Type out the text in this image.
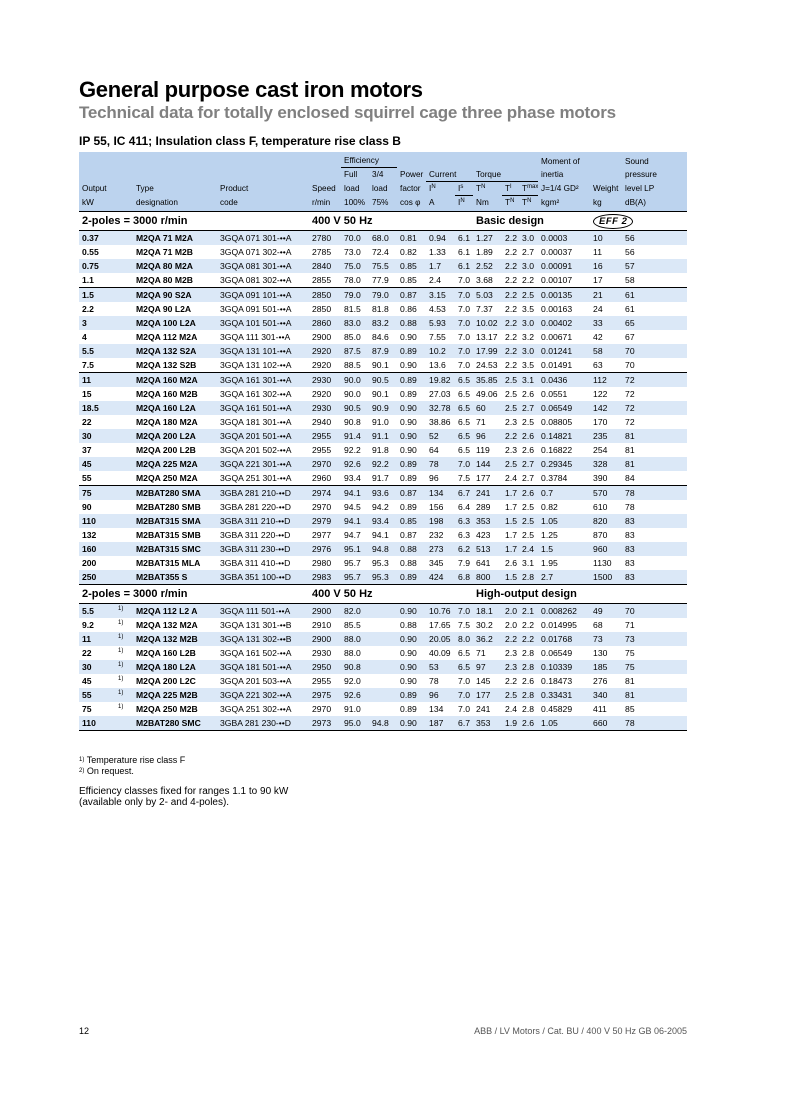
General purpose cast iron motors
Technical data for totally enclosed squirrel cage three phase motors
IP 55, IC 411; Insulation class F, temperature rise class B
					Efficiency								Moment of		Sound
					Full	3/4	Power	Current		Torque			inertia		pressure
Output		Type	Product	Speed	load	load	factor	$I^N$	$I^s$	$T^N$	$T^l$	$T^{max}$	J=1/4 GD²	Weight	level LP
kW		designation	code	r/min	100%	75%	cos φ	A	$I^N$	Nm	$T^N$	$T^N$	kgm²	kg	dB(A)
2-poles = 3000 r/min				400 V 50 Hz						Basic design				EFF 2	
0.37		M2QA 71 M2A	3GQA 071 301-••A	2780	70.0	68.0	0.81	0.94	6.1	1.27	2.2	3.0	0.0003	10	56
0.55		M2QA 71 M2B	3GQA 071 302-••A	2785	73.0	72.4	0.82	1.33	6.1	1.89	2.2	2.7	0.00037	11	56
0.75		M2QA 80 M2A	3GQA 081 301-••A	2840	75.0	75.5	0.85	1.7	6.1	2.52	2.2	3.0	0.00091	16	57
1.1		M2QA 80 M2B	3GQA 081 302-••A	2855	78.0	77.9	0.85	2.4	7.0	3.68	2.2	2.2	0.00107	17	58
1.5		M2QA 90 S2A	3GQA 091 101-••A	2850	79.0	79.0	0.87	3.15	7.0	5.03	2.2	2.5	0.00135	21	61
2.2		M2QA 90 L2A	3GQA 091 501-••A	2850	81.5	81.8	0.86	4.53	7.0	7.37	2.2	3.5	0.00163	24	61
3		M2QA 100 L2A	3GQA 101 501-••A	2860	83.0	83.2	0.88	5.93	7.0	10.02	2.2	3.0	0.00402	33	65
4		M2QA 112 M2A	3GQA 111 301-••A	2900	85.0	84.6	0.90	7.55	7.0	13.17	2.2	3.2	0.00671	42	67
5.5		M2QA 132 S2A	3GQA 131 101-••A	2920	87.5	87.9	0.89	10.2	7.0	17.99	2.2	3.0	0.01241	58	70
7.5		M2QA 132 S2B	3GQA 131 102-••A	2920	88.5	90.1	0.90	13.6	7.0	24.53	2.2	3.5	0.01491	63	70
11		M2QA 160 M2A	3GQA 161 301-••A	2930	90.0	90.5	0.89	19.82	6.5	35.85	2.5	3.1	0.0436	112	72
15		M2QA 160 M2B	3GQA 161 302-••A	2920	90.0	90.1	0.89	27.03	6.5	49.06	2.5	2.6	0.0551	122	72
18.5		M2QA 160 L2A	3GQA 161 501-••A	2930	90.5	90.9	0.90	32.78	6.5	60	2.5	2.7	0.06549	142	72
22		M2QA 180 M2A	3GQA 181 301-••A	2940	90.8	91.0	0.90	38.86	6.5	71	2.3	2.5	0.08805	170	72
30		M2QA 200 L2A	3GQA 201 501-••A	2955	91.4	91.1	0.90	52	6.5	96	2.2	2.6	0.14821	235	81
37		M2QA 200 L2B	3GQA 201 502-••A	2955	92.2	91.8	0.90	64	6.5	119	2.3	2.6	0.16822	254	81
45		M2QA 225 M2A	3GQA 221 301-••A	2970	92.6	92.2	0.89	78	7.0	144	2.5	2.7	0.29345	328	81
55		M2QA 250 M2A	3GQA 251 301-••A	2960	93.4	91.7	0.89	96	7.5	177	2.4	2.7	0.3784	390	84
75		M2BAT280 SMA	3GBA 281 210-••D	2974	94.1	93.6	0.87	134	6.7	241	1.7	2.6	0.7	570	78
90		M2BAT280 SMB	3GBA 281 220-••D	2970	94.5	94.2	0.89	156	6.4	289	1.7	2.5	0.82	610	78
110		M2BAT315 SMA	3GBA 311 210-••D	2979	94.1	93.4	0.85	198	6.3	353	1.5	2.5	1.05	820	83
132		M2BAT315 SMB	3GBA 311 220-••D	2977	94.7	94.1	0.87	232	6.3	423	1.7	2.5	1.25	870	83
160		M2BAT315 SMC	3GBA 311 230-••D	2976	95.1	94.8	0.88	273	6.2	513	1.7	2.4	1.5	960	83
200		M2BAT315 MLA	3GBA 311 410-••D	2980	95.7	95.3	0.88	345	7.9	641	2.6	3.1	1.95	1130	83
250		M2BAT355 S	3GBA 351 100-••D	2983	95.7	95.3	0.89	424	6.8	800	1.5	2.8	2.7	1500	83
2-poles = 3000 r/min				400 V 50 Hz						High-output design					
5.5	1)	M2QA 112 L2 A	3GQA 111 501-••A	2900	82.0		0.90	10.76	7.0	18.1	2.0	2.1	0.008262	49	70
9.2	1)	M2QA 132 M2A	3GQA 131 301-••B	2910	85.5		0.88	17.65	7.5	30.2	2.0	2.2	0.014995	68	71
11	1)	M2QA 132 M2B	3GQA 131 302-••B	2900	88.0		0.90	20.05	8.0	36.2	2.2	2.2	0.01768	73	73
22	1)	M2QA 160 L2B	3GQA 161 502-••A	2930	88.0		0.90	40.09	6.5	71	2.3	2.8	0.06549	130	75
30	1)	M2QA 180 L2A	3GQA 181 501-••A	2950	90.8		0.90	53	6.5	97	2.3	2.8	0.10339	185	75
45	1)	M2QA 200 L2C	3GQA 201 503-••A	2955	92.0		0.90	78	7.0	145	2.2	2.6	0.18473	276	81
55	1)	M2QA 225 M2B	3GQA 221 302-••A	2975	92.6		0.89	96	7.0	177	2.5	2.8	0.33431	340	81
75	1)	M2QA 250 M2B	3GQA 251 302-••A	2970	91.0		0.89	134	7.0	241	2.4	2.8	0.45829	411	85
110		M2BAT280 SMC	3GBA 281 230-••D	2973	95.0	94.8	0.90	187	6.7	353	1.9	2.6	1.05	660	78
$^{1)}$ Temperature rise class F
$^{2)}$ On request.
Efficiency classes fixed for ranges 1.1 to 90 kW
(available only by 2- and 4-poles).
12	ABB / LV Motors / Cat. BU / 400 V 50 Hz GB 06-2005
